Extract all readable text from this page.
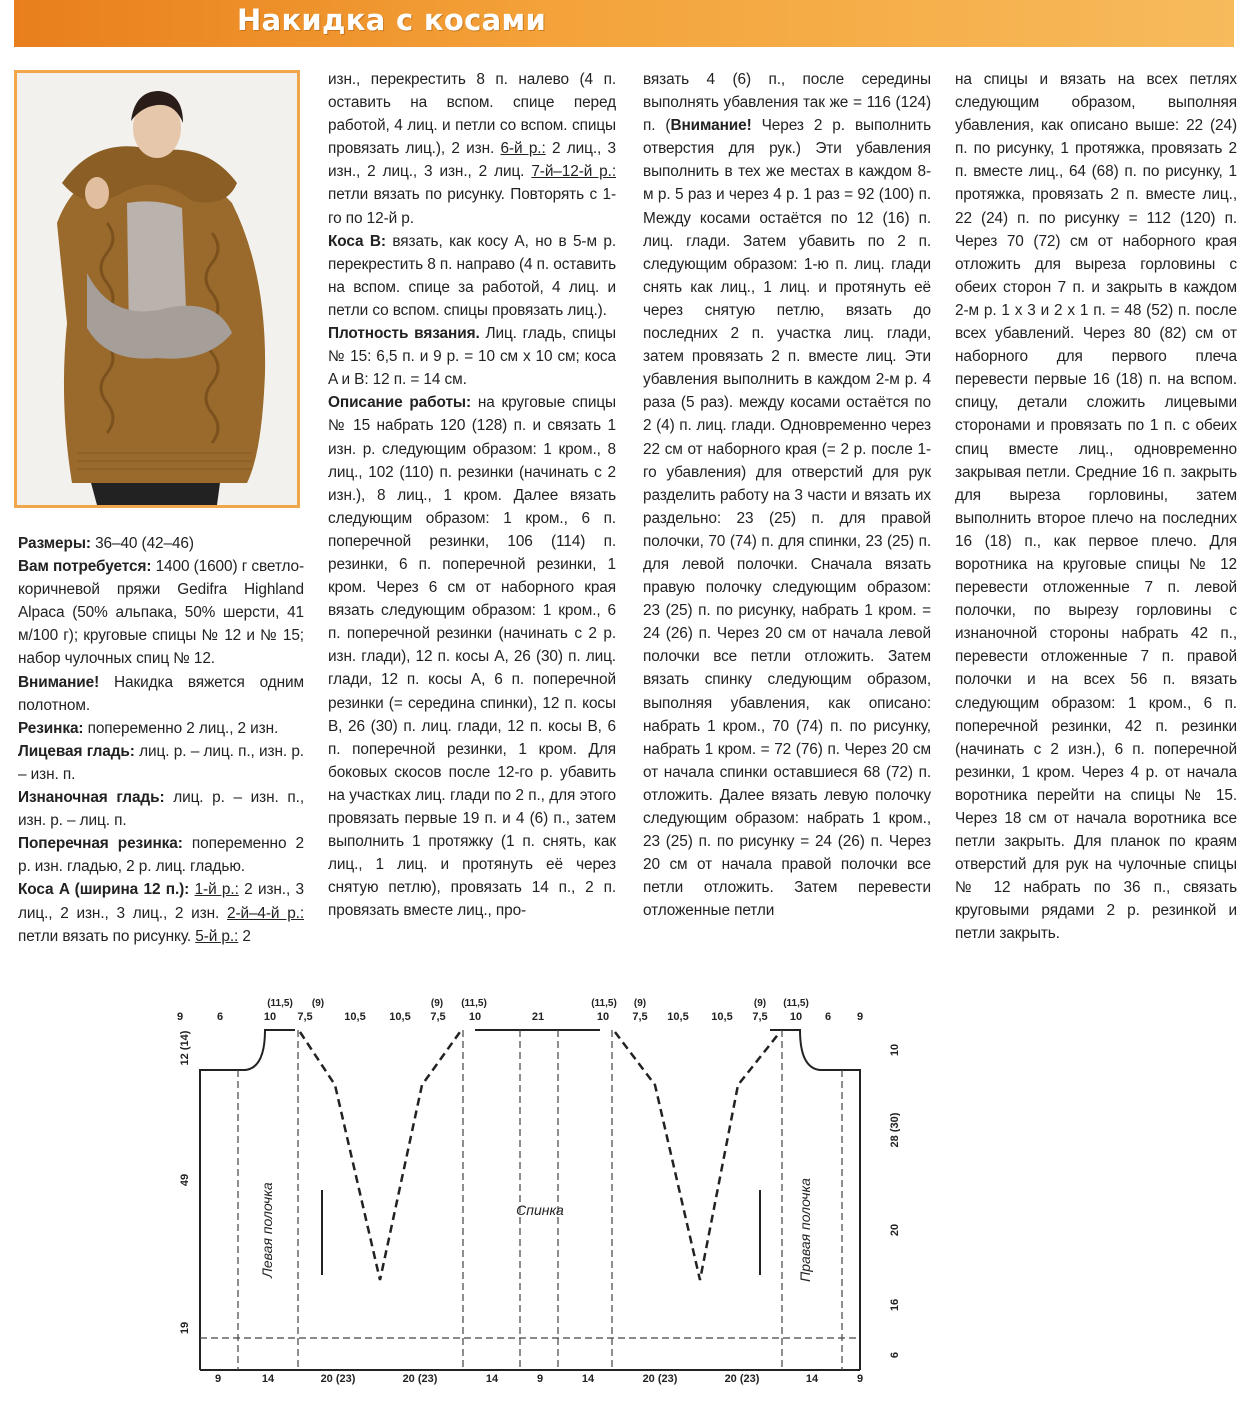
Накидка с косами

Размеры: 36–40 (42–46)

Вам потребуется: 1400 (1600) г светло-коричневой пряжи Gedifra Highland Alpaca (50% альпака, 50% шерсти, 41 м/100 г); круговые спицы № 12 и № 15; набор чулочных спиц № 12.

Внимание! Накидка вяжется одним полотном.

Резинка: попеременно 2 лиц., 2 изн.

Лицевая гладь: лиц. р. – лиц. п., изн. р. – изн. п.

Изнаночная гладь: лиц. р. – изн. п., изн. р. – лиц. п.

Поперечная резинка: попеременно 2 р. изн. гладью, 2 р. лиц. гладью.

Коса A (ширина 12 п.): 1-й р.: 2 изн., 3 лиц., 2 изн., 3 лиц., 2 изн. 2-й–4-й р.: петли вязать по рисунку. 5-й р.: 2

изн., перекрестить 8 п. налево (4 п. оставить на вспом. спице перед работой, 4 лиц. и петли со вспом. спицы провязать лиц.), 2 изн. 6-й р.: 2 лиц., 3 изн., 2 лиц., 3 изн., 2 лиц. 7-й–12-й р.: петли вязать по рисунку. Повторять с 1-го по 12-й р.

Коса B: вязать, как косу A, но в 5-м р. перекрестить 8 п. направо (4 п. оставить на вспом. спице за работой, 4 лиц. и петли со вспом. спицы провязать лиц.).

Плотность вязания. Лиц. гладь, спицы № 15: 6,5 п. и 9 р. = 10 см х 10 см; коса A и B: 12 п. = 14 см.

Описание работы: на круговые спицы № 15 набрать 120 (128) п. и связать 1 изн. р. следующим образом: 1 кром., 8 лиц., 102 (110) п. резинки (начинать с 2 изн.), 8 лиц., 1 кром. Далее вязать следующим образом: 1 кром., 6 п. поперечной резинки, 106 (114) п. резинки, 6 п. поперечной резинки, 1 кром. Через 6 см от наборного края вязать следующим образом: 1 кром., 6 п. поперечной резинки (начинать с 2 р. изн. глади), 12 п. косы A, 26 (30) п. лиц. глади, 12 п. косы A, 6 п. поперечной резинки (= середина спинки), 12 п. косы B, 26 (30) п. лиц. глади, 12 п. косы B, 6 п. поперечной резинки, 1 кром. Для боковых скосов после 12-го р. убавить на участках лиц. глади по 2 п., для этого провязать первые 19 п. и 4 (6) п., затем выполнить 1 протяжку (1 п. снять, как лиц., 1 лиц. и протянуть её через снятую петлю), провязать 14 п., 2 п. провязать вместе лиц., про-

вязать 4 (6) п., после середины выполнять убавления так же = 116 (124) п. (Внимание! Через 2 р. выполнить отверстия для рук.) Эти убавления выполнить в тех же местах в каждом 8-м р. 5 раз и через 4 р. 1 раз = 92 (100) п. Между косами остаётся по 12 (16) п. лиц. глади. Затем убавить по 2 п. следующим образом: 1-ю п. лиц. глади снять как лиц., 1 лиц. и протянуть её через снятую петлю, вязать до последних 2 п. участка лиц. глади, затем провязать 2 п. вместе лиц. Эти убавления выполнить в каждом 2-м р. 4 раза (5 раз). между косами остаётся по 2 (4) п. лиц. глади. Одновременно через 22 см от наборного края (= 2 р. после 1-го убавления) для отверстий для рук разделить работу на 3 части и вязать их раздельно: 23 (25) п. для правой полочки, 70 (74) п. для спинки, 23 (25) п. для левой полочки. Сначала вязать правую полочку следующим образом: 23 (25) п. по рисунку, набрать 1 кром. = 24 (26) п. Через 20 см от начала левой полочки все петли отложить. Затем вязать спинку следующим образом, выполняя убавления, как описано: набрать 1 кром., 70 (74) п. по рисунку, набрать 1 кром. = 72 (76) п. Через 20 см от начала спинки оставшиеся 68 (72) п. отложить. Далее вязать левую полочку следующим образом: набрать 1 кром., 23 (25) п. по рисунку = 24 (26) п. Через 20 см от начала правой полочки все петли отложить. Затем перевести отложенные петли

на спицы и вязать на всех петлях следующим образом, выполняя убавления, как описано выше: 22 (24) п. по рисунку, 1 протяжка, провязать 2 п. вместе лиц., 64 (68) п. по рисунку, 1 протяжка, провязать 2 п. вместе лиц., 22 (24) п. по рисунку = 112 (120) п. Через 70 (72) см от наборного края отложить для выреза горловины с обеих сторон 7 п. и закрыть в каждом 2-м р. 1 х 3 и 2 х 1 п. = 48 (52) п. после всех убавлений. Через 80 (82) см от наборного для первого плеча перевести первые 16 (18) п. на вспом. спицу, детали сложить лицевыми сторонами и провязать по 1 п. с обеих спиц вместе лиц., одновременно закрывая петли. Средние 16 п. закрыть для выреза горловины, затем выполнить второе плечо на последних 16 (18) п., как первое плечо. Для воротника на круговые спицы № 12 перевести отложенные 7 п. левой полочки, по вырезу горловины с изнаночной стороны набрать 42 п., перевести отложенные 7 п. правой полочки и на всех 56 п. вязать следующим образом: 1 кром., 6 п. поперечной резинки, 42 п. резинки (начинать с 2 изн.), 6 п. поперечной резинки, 1 кром. Через 4 р. от начала воротника перейти на спицы № 15. Через 18 см от начала воротника все петли закрыть. Для планок по краям отверстий для рук на чулочные спицы № 12 набрать по 36 п., связать круговыми рядами 2 р. резинкой и петли закрыть.

9	6	10 7,5	10,5 10,5 7,5 10	21	10 7,5 10,5 10,5 7,5 10 6 9
(11,5) (9)	(9) (11,5)	(11,5) (9)	(9) (11,5)
9	14	20 (23)	20 (23)	14	9	14	20 (23)	20 (23)	14	9
12 (14)
49
19
10
28 (30)
20
16
6
Левая полочка	Спинка	Правая полочка
